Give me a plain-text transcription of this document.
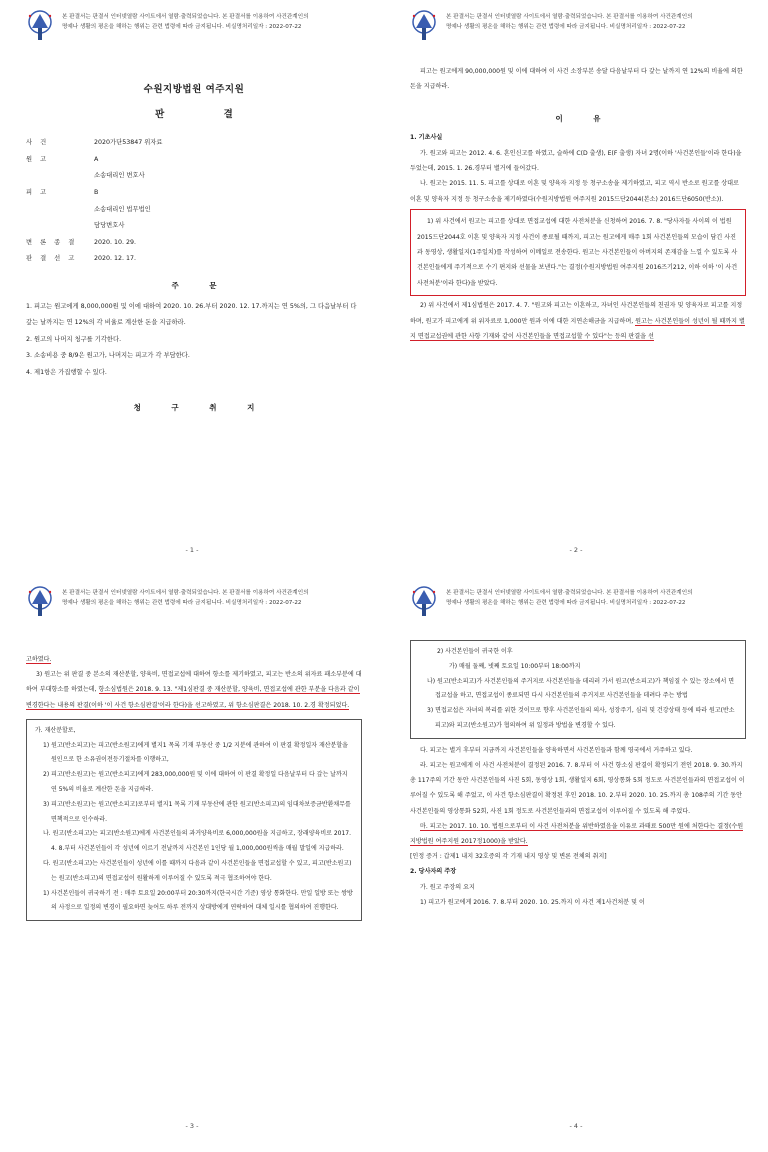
본 판결서는 판결서 인터넷열람 사이트에서 열람·출력되었습니다. 본 판결서를 이용하여 사건관계인의
명예나 생활의 평온을 해하는 행위는 관련 법령에 따라 금지됩니다. 비실명처리일자 : 2022-07-22
수원지방법원 여주지원
판 결
사 건	2020가단53847 위자료
원 고	A
소송대리인 변호사
피 고	B
소송대리인 법무법인
담당변호사
변 론 종 결	2020. 10. 29.
판 결 선 고	2020. 12. 17.
주 문

1. 피고는 원고에게 8,000,000원 및 이에 대하여 2020. 10. 26.부터 2020. 12. 17.까지는 연 5%의, 그 다음날부터 다 갚는 날까지는 연 12%의 각 비율로 계산한 돈을 지급하라.

2. 원고의 나머지 청구를 기각한다.

3. 소송비용 중 8/9은 원고가, 나머지는 피고가 각 부담한다.

4. 제1항은 가집행할 수 있다.

청 구 취 지
- 1 -
본 판결서는 판결서 인터넷열람 사이트에서 열람·출력되었습니다. 본 판결서를 이용하여 사건관계인의
명예나 생활의 평온을 해하는 행위는 관련 법령에 따라 금지됩니다. 비실명처리일자 : 2022-07-22

피고는 원고에게 90,000,000원 및 이에 대하여 이 사건 소장부본 송달 다음날부터 다 갚는 날까지 연 12%의 비율에 의한 돈을 지급하라.

이 유

1. 기초사실

가. 원고와 피고는 2012. 4. 6. 혼인신고를 하였고, 슬하에 C(D 출생), E(F 출생) 자녀 2명(이하 '사건본인들'이라 한다)을 두었는데, 2015. 1. 26.경부터 별거에 들어갔다.

나. 원고는 2015. 11. 5. 피고를 상대로 이혼 및 양육자 지정 등 청구소송을 제기하였고, 피고 역시 반소로 원고를 상대로 이혼 및 양육자 지정 등 청구소송을 제기하였다(수원지방법원 여주지원 2015드단2044(본소) 2016드단6050(반소)).

1) 위 사건에서 원고는 피고를 상대로 면접교섭에 대한 사전처분을 신청하여 2016. 7. 8. "당사자들 사이의 이 법원 2015드단2044호 이혼 및 양육자 지정 사건이 종료될 때까지, 피고는 원고에게 매주 1회 사건본인들의 모습이 담긴 사진과 동영상, 생활일지(1주일치)를 작성하여 이메일로 전송한다. 원고는 사건본인들이 아버지의 존재감을 느낄 수 있도록 사건본인들에게 주기적으로 수기 편지와 선물을 보낸다."는 결정(수원지방법원 여주지원 2016즈기212, 이하 이하 '이 사건 사전처분'이라 한다)을 받았다.

2) 위 사건에서 제1심법원은 2017. 4. 7. "원고와 피고는 이혼하고, 자녀인 사건본인들의 친권자 및 양육자로 피고를 지정하며, 원고가 피고에게 위 위자료로 1,000만 원과 이에 대한 지연손해금을 지급하며, 원고는 사건본인들이 성년이 될 때까지 별지 면접교섭권에 관한 사항 기재와 같이 사건본인들을 면접교섭할 수 있다"는 등의 판결을 선

- 2 -
본 판결서는 판결서 인터넷열람 사이트에서 열람·출력되었습니다. 본 판결서를 이용하여 사건관계인의
명예나 생활의 평온을 해하는 행위는 관련 법령에 따라 금지됩니다. 비실명처리일자 : 2022-07-22

고하였다.

3) 원고는 위 판결 중 본소의 재산분할, 양육비, 면접교섭에 대하여 항소를 제기하였고, 피고는 반소의 위자료 패소부분에 대하여 부대항소를 하였는데, 항소심법원은 2018. 9. 13. "제1심판결 중 재산분할, 양육비, 면접교섭에 관한 부분을 다음과 같이 변경한다는 내용의 판결(이하 '이 사건 항소심판결'이라 한다)을 선고하였고, 위 항소심판결은 2018. 10. 2.경 확정되었다.

가. 재산분할로,

1) 원고(반소피고)는 피고(반소원고)에게 별지1 목록 기재 부동산 중 1/2 지분에 관하여 이 판결 확정일자 재산분할을 원인으로 한 소유권이전등기절차를 이행하고,

2) 피고(반소원고)는 원고(반소피고)에게 283,000,000원 및 이에 대하여 이 판결 확정일 다음날부터 다 갚는 날까지 연 5%의 비율로 계산한 돈을 지급하라.

3) 피고(반소원고)는 원고(반소피고)로부터 별지1 목록 기재 부동산에 관한 원고(반소피고)의 임대차보증금반환채무를 면책적으로 인수하라.

나. 원고(반소피고)는 피고(반소원고)에게 사건본인들의 과거양육비로 6,000,000원을 지급하고, 장래양육비로 2017. 4. 8.부터 사건본인들이 각 성년에 이르기 전날까지 사건본인 1인당 월 1,000,000원씩을 매월 말일에 지급하라.

다. 원고(반소피고)는 사건본인들이 성년에 이를 때까지 다음과 같이 사건본인들을 면접교섭할 수 있고, 피고(반소원고)는 원고(반소피고)의 면접교섭이 원활하게 이루어질 수 있도록 적극 협조하여야 한다.

1) 사건본인들이 귀국하기 전 : 매주 토요일 20:00부터 20:30까지(한국시간 기준) 영상 통화한다. 만일 일방 또는 쌍방의 사정으로 일정의 변경이 필요하면 늦어도 하루 전까지 상대방에게 연락하여 대체 일시를 협의하여 진행한다.

- 3 -
본 판결서는 판결서 인터넷열람 사이트에서 열람·출력되었습니다. 본 판결서를 이용하여 사건관계인의
명예나 생활의 평온을 해하는 행위는 관련 법령에 따라 금지됩니다. 비실명처리일자 : 2022-07-22

2) 사건본인들이 귀국한 이후

가) 매월 둘째, 넷째 토요일 10:00부터 18:00까지

나) 원고(반소피고)가 사건본인들의 주거지로 사건본인들을 데리러 가서 원고(반소피고)가 책임질 수 있는 장소에서 면접교섭을 하고, 면접교섭이 종료되면 다시 사건본인들의 주거지로 사건본인들을 데려다 주는 방법

3) 면접교섭은 자녀의 복리를 위한 것이므로 향후 사건본인들의 의사, 성장주기, 심리 및 건강상태 등에 따라 원고(반소피고)와 피고(반소원고)가 협의하여 위 일정과 방법을 변경할 수 있다.

다. 피고는 별거 후부터 지금까지 사건본인들을 양육하면서 사건본인들과 함께 영국에서 거주하고 있다.

라. 피고는 원고에게 이 사건 사전처분이 결정된 2016. 7. 8.부터 이 사건 항소심 판결이 확정되기 전인 2018. 9. 30.까지 총 117주의 기간 동안 사건본인들의 사진 5회, 동영상 1회, 생활일지 6회, 영상통화 5회 정도로 사건본인들과의 면접교섭이 이루어질 수 있도록 해 주었고, 이 사건 항소심판결이 확정된 후인 2018. 10. 2.부터 2020. 10. 25.까지 총 108주의 기간 동안 사건본인들의 영상통화 52회, 사진 1회 정도로 사건본인들과의 면접교섭이 이루어질 수 있도록 해 주었다.

마. 피고는 2017. 10. 10. 법원으로부터 이 사건 사전처분을 위반하였음을 이유로 과태료 500만 원에 처한다는 결정(수원지방법원 여주지원 2017정1000)을 받았다.

[인정 증거 : 갑제1 내지 32호증의 각 기재 내지 영상 및 변론 전체의 취지]

2. 당사자의 주장

가. 원고 주장의 요지

1) 피고가 원고에게 2016. 7. 8.부터 2020. 10. 25.까지 이 사건 제1사건처분 및 이

- 4 -
